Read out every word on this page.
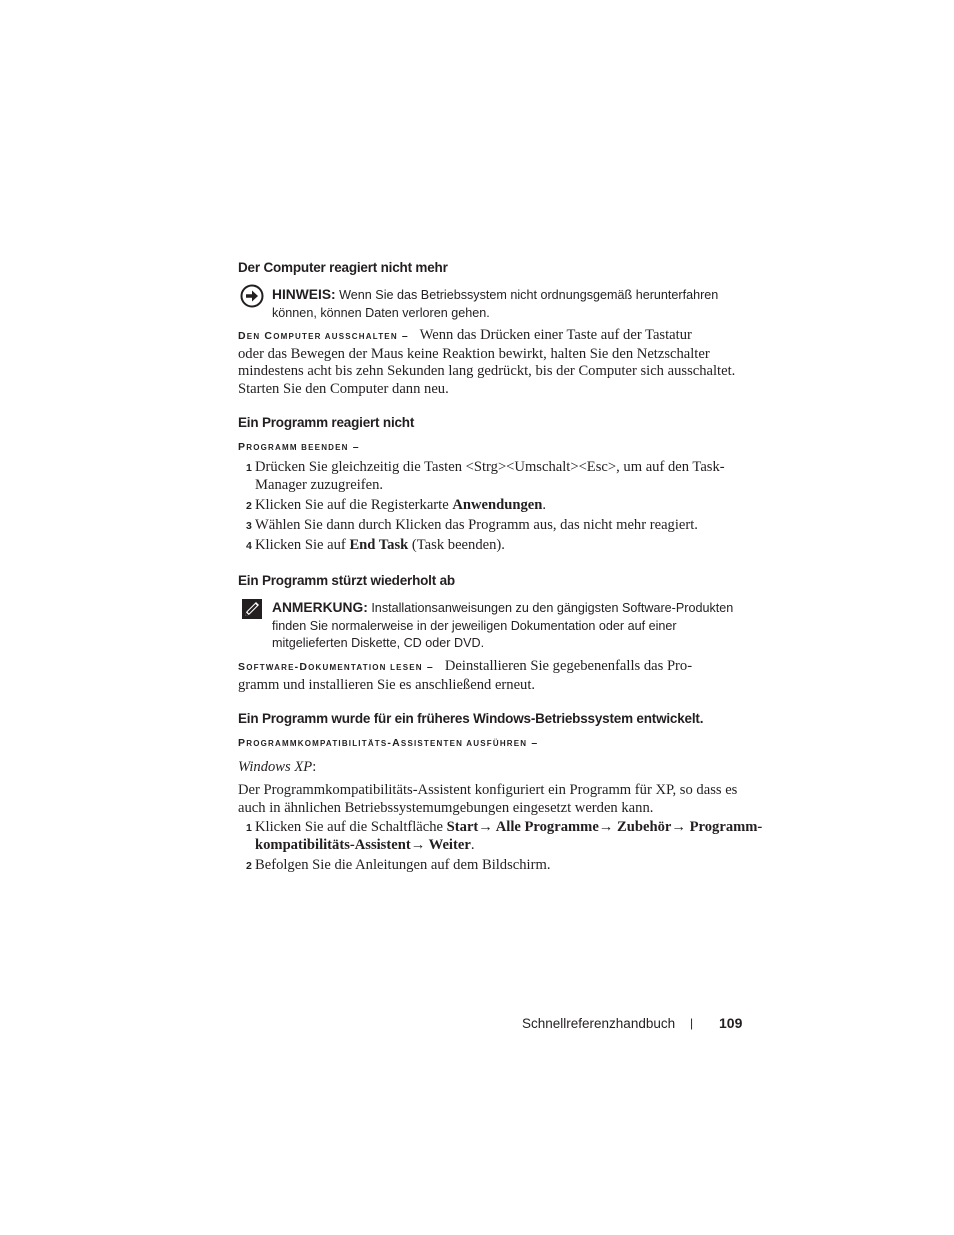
Der Computer reagiert nicht mehr
HINWEIS: Wenn Sie das Betriebssystem nicht ordnungsgemäß herunterfahren
können, können Daten verloren gehen.
DEN COMPUTER AUSSCHALTEN – Wenn das Drücken einer Taste auf der Tastatur
oder das Bewegen der Maus keine Reaktion bewirkt, halten Sie den Netzschalter
mindestens acht bis zehn Sekunden lang gedrückt, bis der Computer sich ausschaltet.
Starten Sie den Computer dann neu.
Ein Programm reagiert nicht
PROGRAMM BEENDEN –
1 Drücken Sie gleichzeitig die Tasten <Strg><Umschalt><Esc>, um auf den Task-
Manager zuzugreifen.
2 Klicken Sie auf die Registerkarte Anwendungen.
3 Wählen Sie dann durch Klicken das Programm aus, das nicht mehr reagiert.
4 Klicken Sie auf End Task (Task beenden).
Ein Programm stürzt wiederholt ab
ANMERKUNG: Installationsanweisungen zu den gängigsten Software-Produkten
finden Sie normalerweise in der jeweiligen Dokumentation oder auf einer
mitgelieferten Diskette, CD oder DVD.
SOFTWARE-DOKUMENTATION LESEN – Deinstallieren Sie gegebenenfalls das Pro-
gramm und installieren Sie es anschließend erneut.
Ein Programm wurde für ein früheres Windows-Betriebssystem entwickelt.
PROGRAMMKOMPATIBILITÄTS-ASSISTENTEN AUSFÜHREN –
Windows XP:
Der Programmkompatibilitäts-Assistent konfiguriert ein Programm für XP, so dass es
auch in ähnlichen Betriebssystemumgebungen eingesetzt werden kann.
1 Klicken Sie auf die Schaltfläche Start→ Alle Programme→ Zubehör→ Programm-
kompatibilitäts-Assistent→ Weiter.
2 Befolgen Sie die Anleitungen auf dem Bildschirm.
Schnellreferenzhandbuch | 109
